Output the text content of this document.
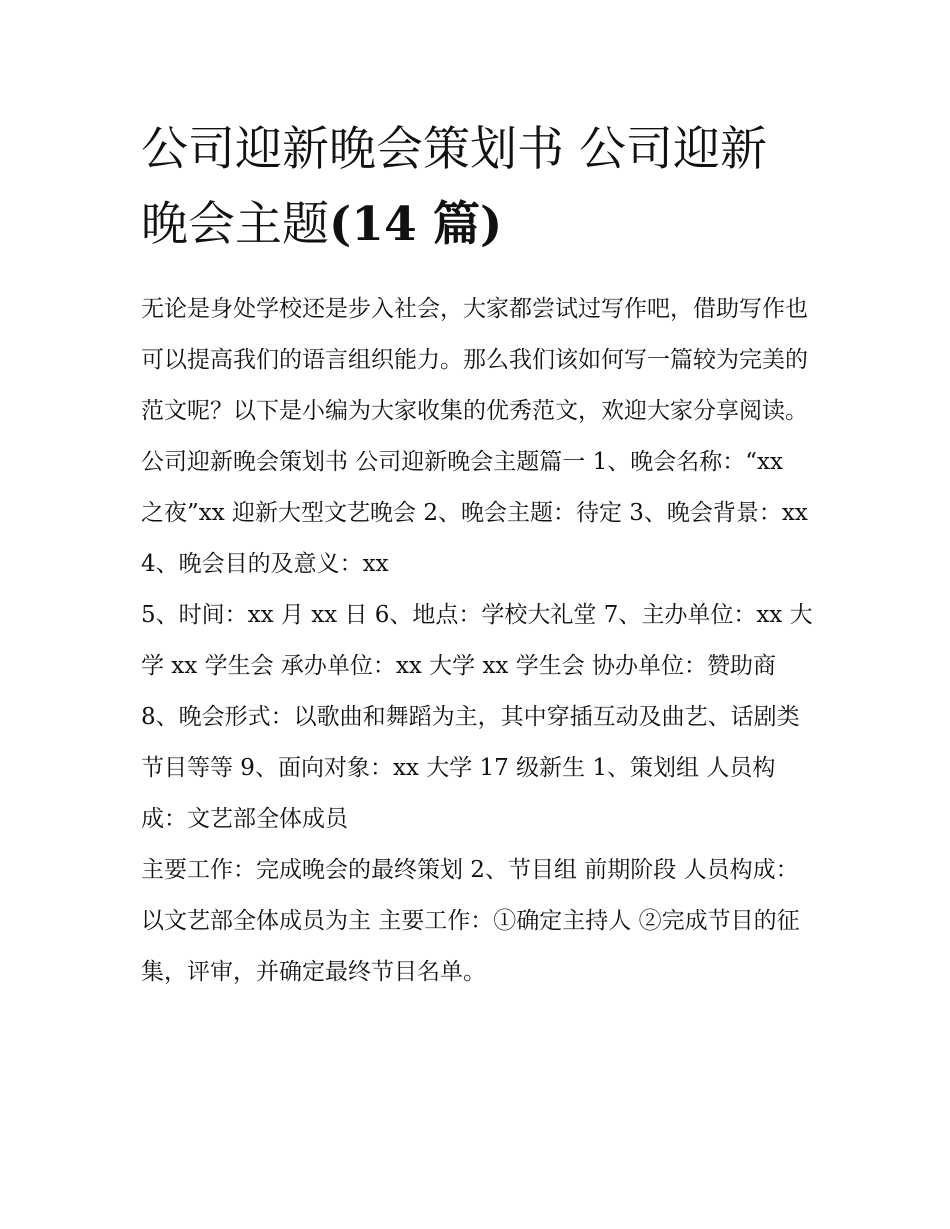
公司迎新晚会策划书 公司迎新晚会主题(14 篇)

无论是身处学校还是步入社会，大家都尝试过写作吧，借助写作也可以提高我们的语言组织能力。那么我们该如何写一篇较为完美的范文呢？以下是小编为大家收集的优秀范文，欢迎大家分享阅读。

公司迎新晚会策划书 公司迎新晚会主题篇一 1、晚会名称：“xx 之夜”xx 迎新大型文艺晚会 2、晚会主题：待定 3、晚会背景：xx 4、晚会目的及意义：xx

5、时间：xx 月 xx 日 6、地点：学校大礼堂 7、主办单位：xx 大学 xx 学生会 承办单位：xx 大学 xx 学生会 协办单位：赞助商

8、晚会形式：以歌曲和舞蹈为主，其中穿插互动及曲艺、话剧类节目等等 9、面向对象：xx 大学 17 级新生 1、策划组 人员构成：文艺部全体成员

主要工作：完成晚会的最终策划 2、节目组 前期阶段 人员构成：以文艺部全体成员为主 主要工作：①确定主持人 ②完成节目的征集，评审，并确定最终节目名单。
